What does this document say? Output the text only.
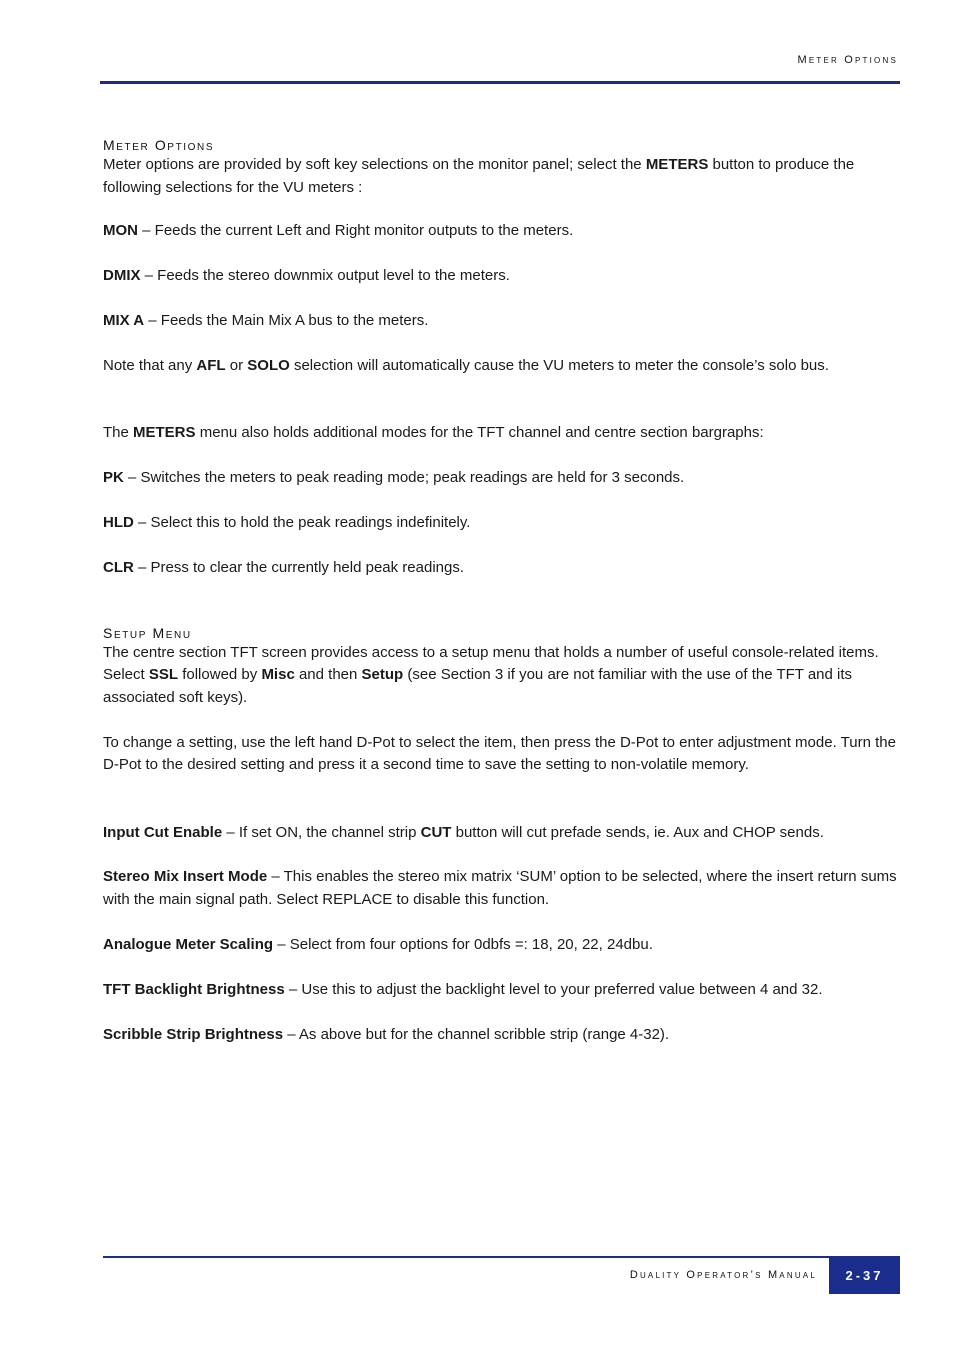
Meter Options
Meter Options

Meter options are provided by soft key selections on the monitor panel; select the METERS button to produce the following selections for the VU meters :

MON – Feeds the current Left and Right monitor outputs to the meters.

DMIX – Feeds the stereo downmix output level to the meters.

MIX A – Feeds the Main Mix A bus to the meters.

Note that any AFL or SOLO selection will automatically cause the VU meters to meter the console’s solo bus.

The METERS menu also holds additional modes for the TFT channel and centre section bargraphs:

PK – Switches the meters to peak reading mode; peak readings are held for 3 seconds.

HLD – Select this to hold the peak readings indefinitely.

CLR – Press to clear the currently held peak readings.

Setup Menu

The centre section TFT screen provides access to a setup menu that holds a number of useful console-related items. Select SSL followed by Misc and then Setup (see Section 3 if you are not familiar with the use of the TFT and its associated soft keys).

To change a setting, use the left hand D-Pot to select the item, then press the D-Pot to enter adjustment mode. Turn the D-Pot to the desired setting and press it a second time to save the setting to non-volatile memory.

Input Cut Enable – If set ON, the channel strip CUT button will cut prefade sends, ie. Aux and CHOP sends.

Stereo Mix Insert Mode – This enables the stereo mix matrix ‘SUM’ option to be selected, where the insert return sums with the main signal path. Select REPLACE to disable this function.

Analogue Meter Scaling – Select from four options for 0dbfs =: 18, 20, 22, 24dbu.

TFT Backlight Brightness – Use this to adjust the backlight level to your preferred value between 4 and 32.

Scribble Strip Brightness – As above but for the channel scribble strip (range 4-32).

Duality Operator’s Manual	2-37
